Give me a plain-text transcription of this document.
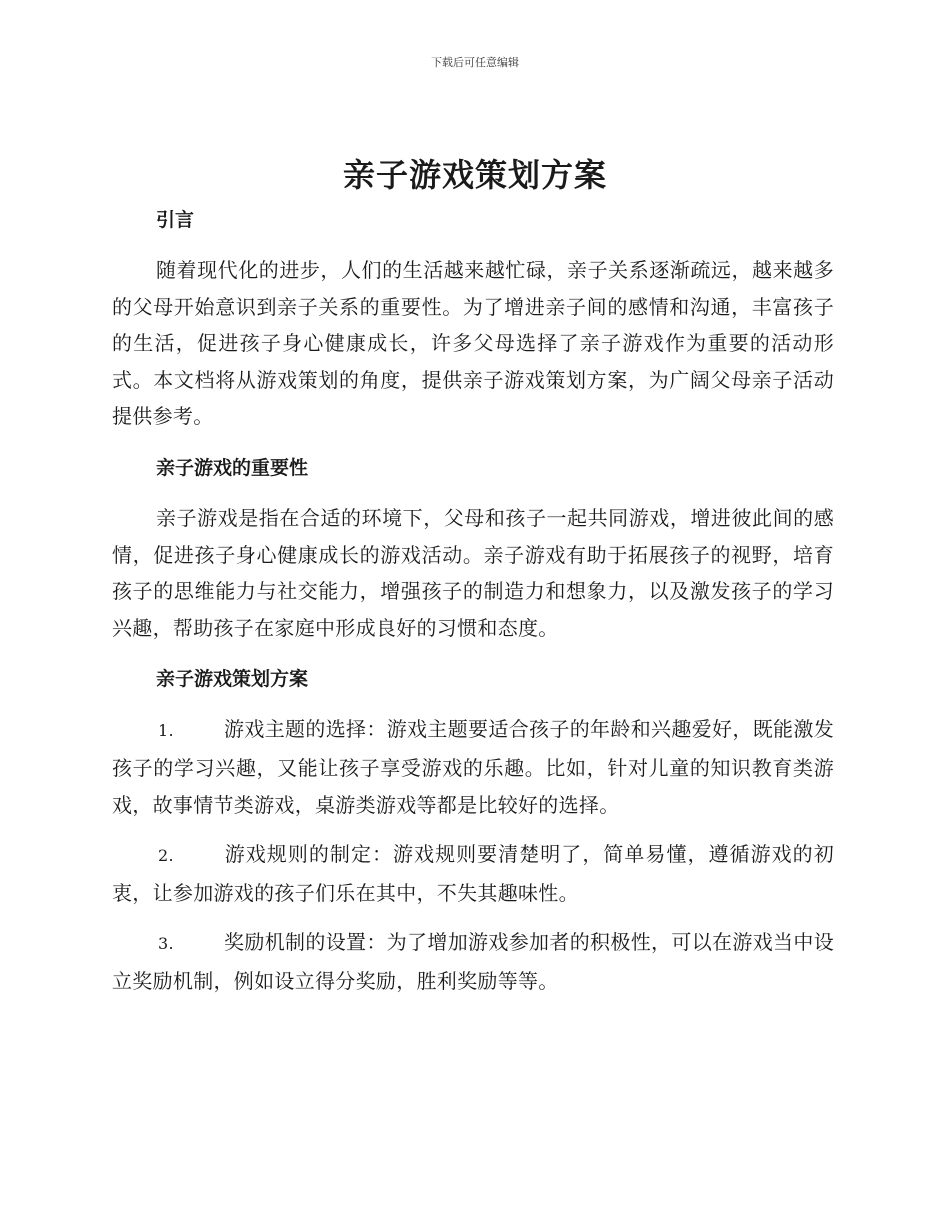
下载后可任意编辑
亲子游戏策划方案
引言

随着现代化的进步，人们的生活越来越忙碌，亲子关系逐渐疏远，越来越多的父母开始意识到亲子关系的重要性。为了增进亲子间的感情和沟通，丰富孩子的生活，促进孩子身心健康成长，许多父母选择了亲子游戏作为重要的活动形式。本文档将从游戏策划的角度，提供亲子游戏策划方案，为广阔父母亲子活动提供参考。

亲子游戏的重要性

亲子游戏是指在合适的环境下，父母和孩子一起共同游戏，增进彼此间的感情，促进孩子身心健康成长的游戏活动。亲子游戏有助于拓展孩子的视野，培育孩子的思维能力与社交能力，增强孩子的制造力和想象力，以及激发孩子的学习兴趣，帮助孩子在家庭中形成良好的习惯和态度。

亲子游戏策划方案

1.	游戏主题的选择：游戏主题要适合孩子的年龄和兴趣爱好，既能激发孩子的学习兴趣，又能让孩子享受游戏的乐趣。比如，针对儿童的知识教育类游戏，故事情节类游戏，桌游类游戏等都是比较好的选择。

2.	游戏规则的制定：游戏规则要清楚明了，简单易懂，遵循游戏的初衷，让参加游戏的孩子们乐在其中，不失其趣味性。

3.	奖励机制的设置：为了增加游戏参加者的积极性，可以在游戏当中设立奖励机制，例如设立得分奖励，胜利奖励等等。
